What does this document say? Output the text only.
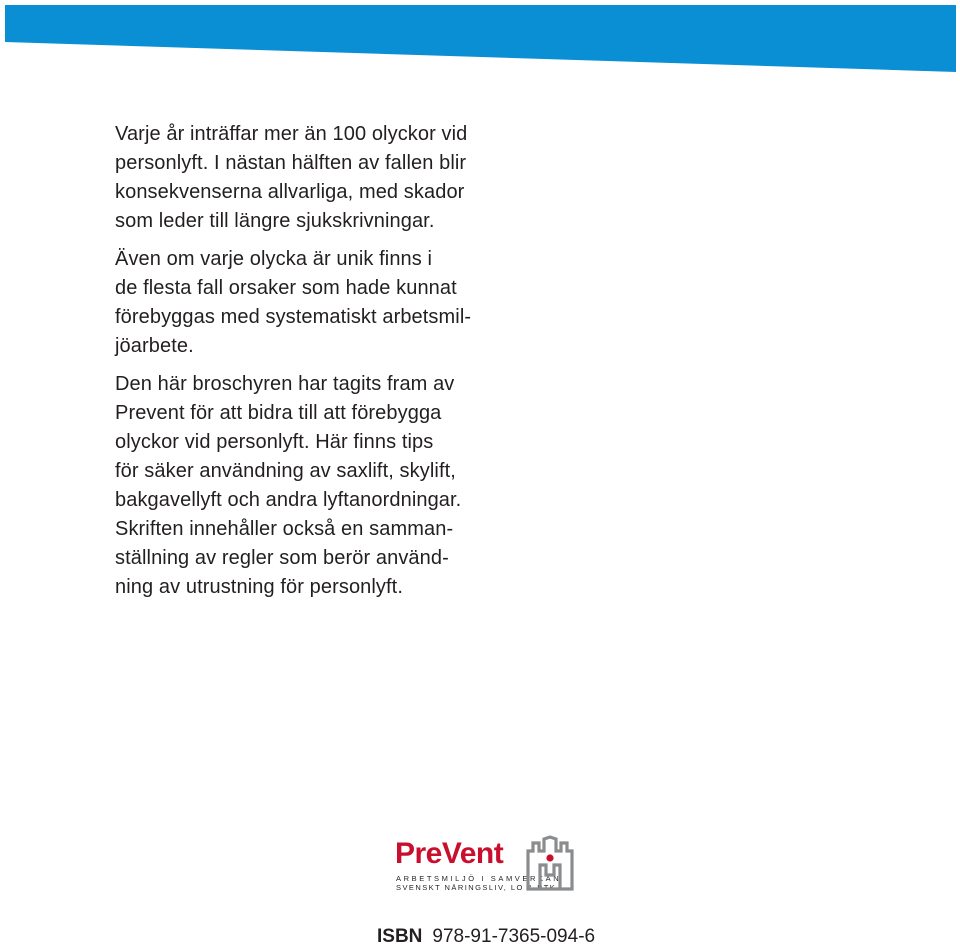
Varje år inträffar mer än 100 olyckor vid
personlyft. I nästan hälften av fallen blir
konsekvenserna allvarliga, med skador
som leder till längre sjukskrivningar.

Även om varje olycka är unik finns i
de flesta fall orsaker som hade kunnat
förebyggas med systematiskt arbetsmil-
jöarbete.

Den här broschyren har tagits fram av
Prevent för att bidra till att förebygga
olyckor vid personlyft. Här finns tips
för säker användning av saxlift, skylift,
bakgavellyft och andra lyftanordningar.
Skriften innehåller också en samman-
ställning av regler som berör använd-
ning av utrustning för personlyft.

PreVent
ARBETSMILJÖ I SAMVERKAN
SVENSKT NÄRINGSLIV, LO & PTK
ISBN 978-91-7365-094-6
